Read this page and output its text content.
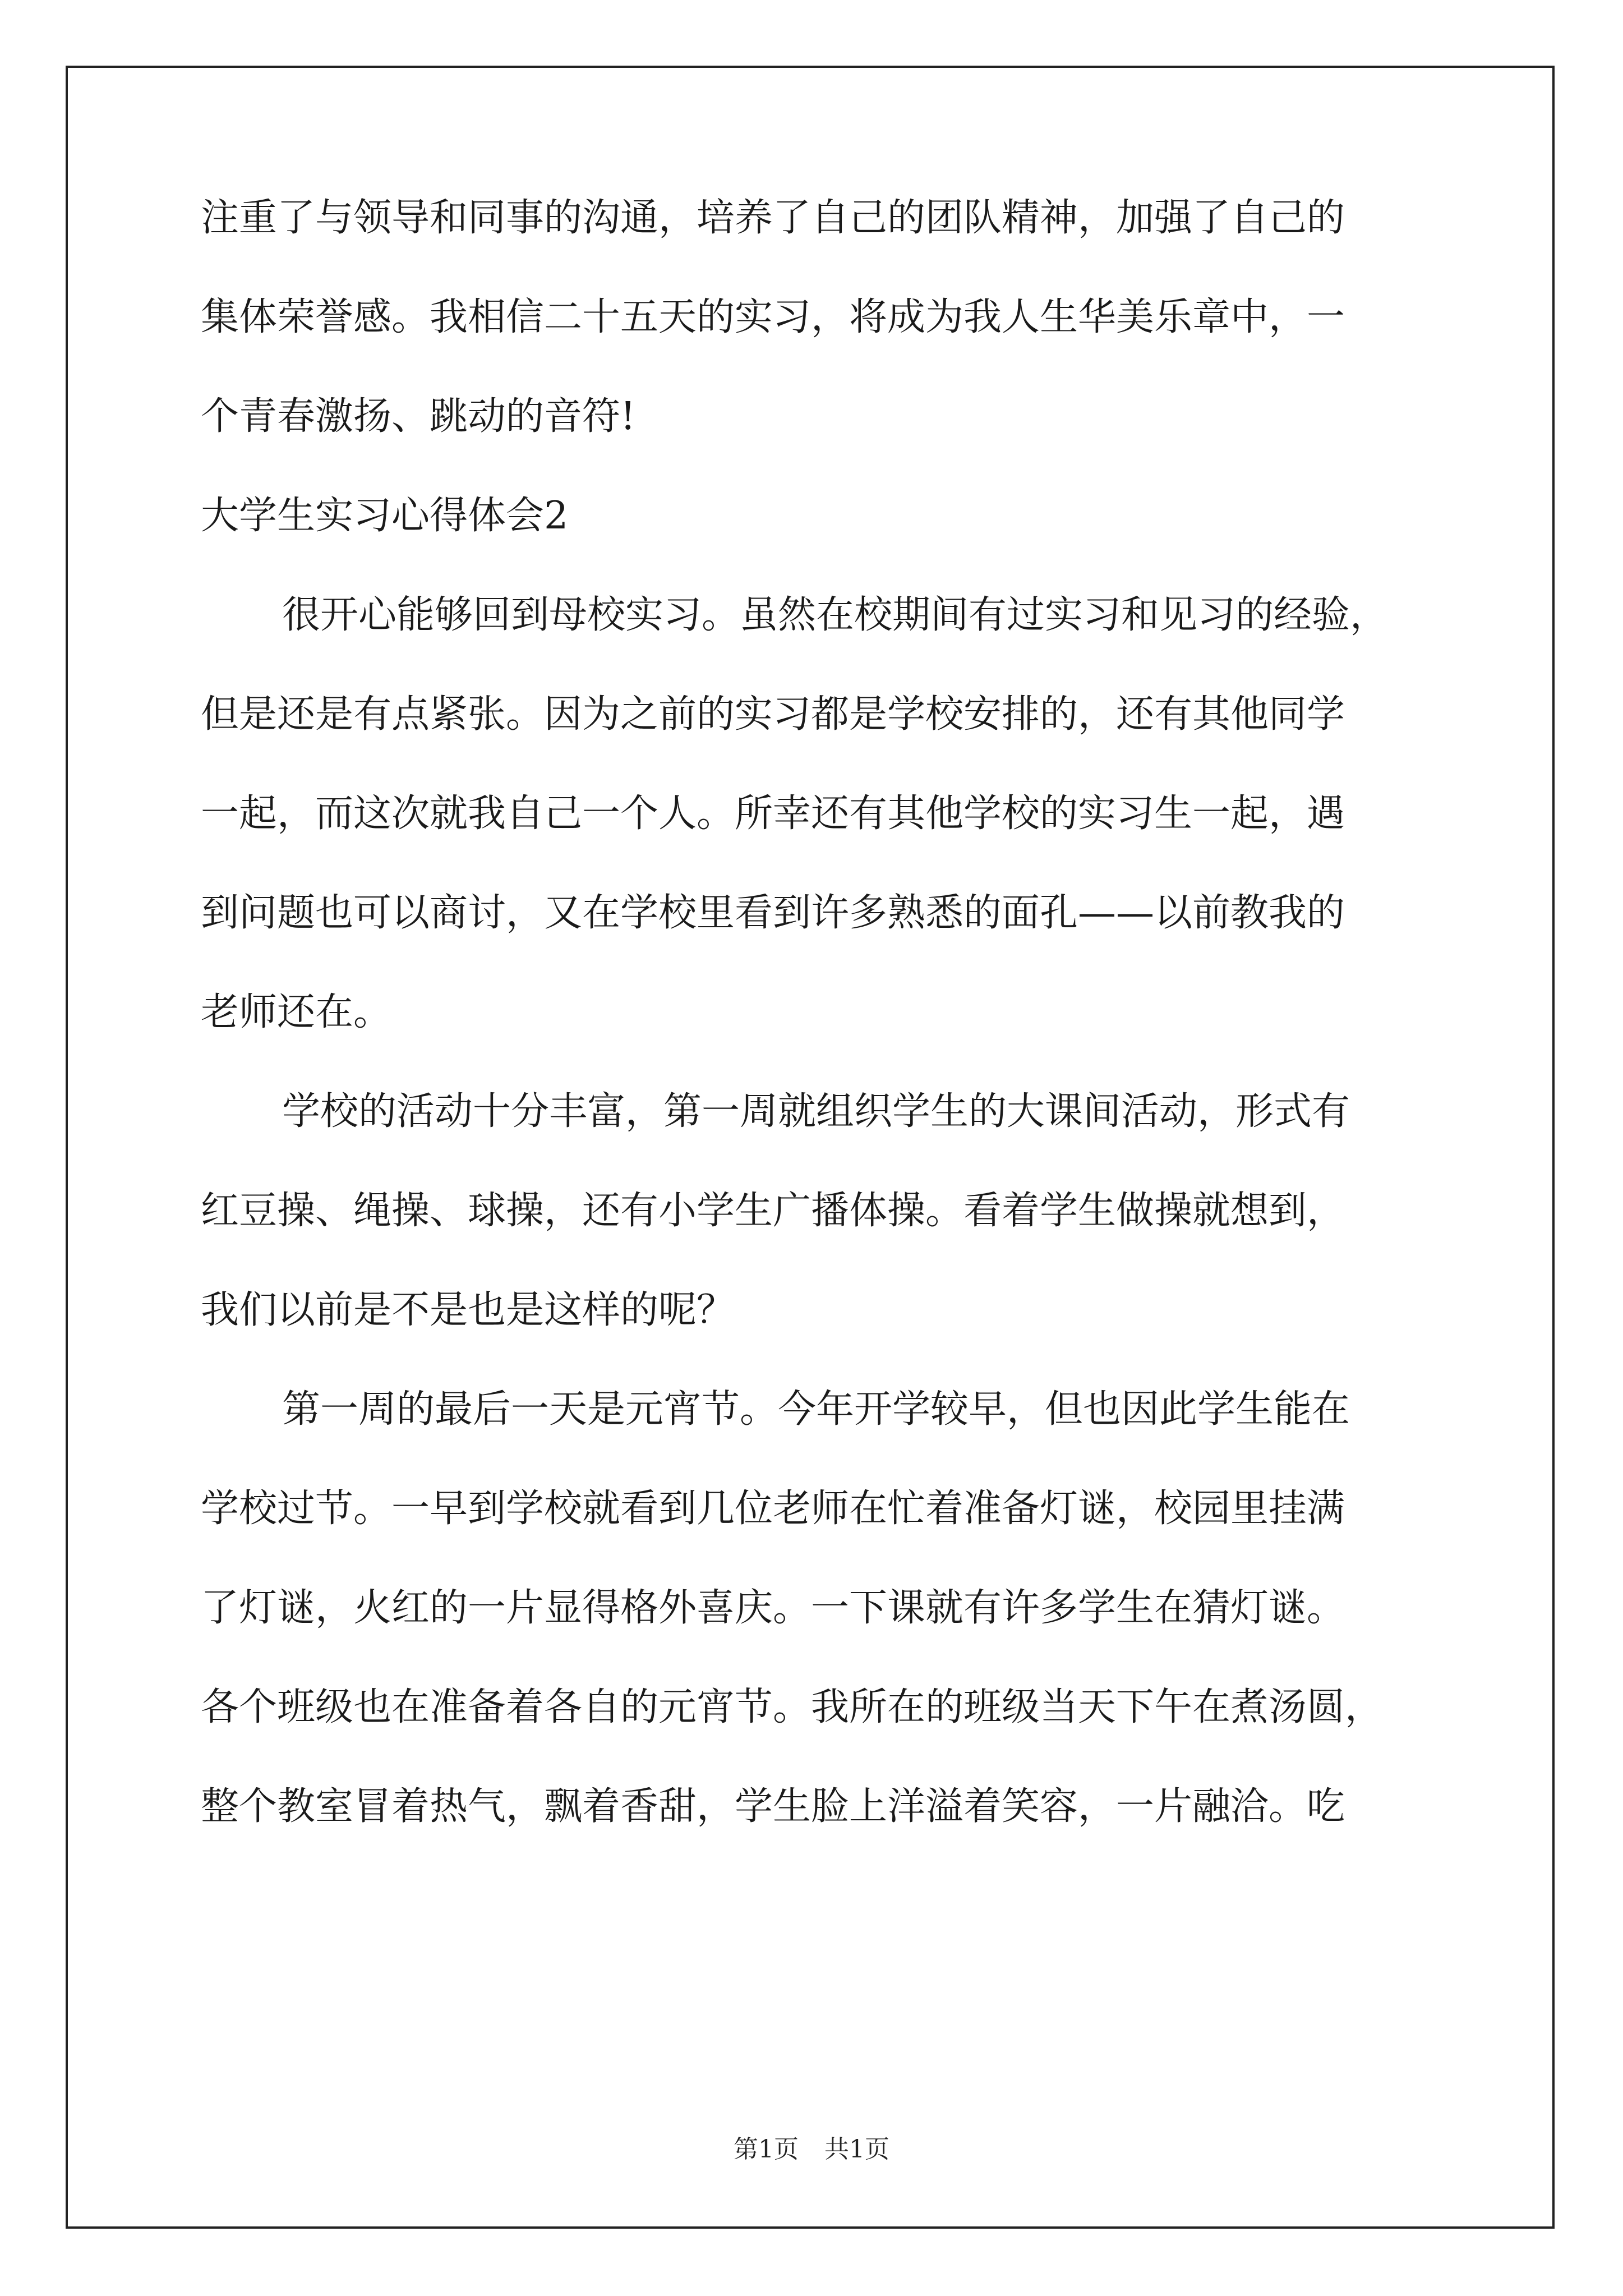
注重了与领导和同事的沟通，培养了自己的团队精神，加强了自己的
集体荣誉感。我相信二十五天的实习，将成为我人生华美乐章中，一
个青春激扬、跳动的音符!
大学生实习心得体会2
很开心能够回到母校实习。虽然在校期间有过实习和见习的经验，
但是还是有点紧张。因为之前的实习都是学校安排的，还有其他同学
一起，而这次就我自己一个人。所幸还有其他学校的实习生一起，遇
到问题也可以商讨，又在学校里看到许多熟悉的面孔——以前教我的
老师还在。
学校的活动十分丰富，第一周就组织学生的大课间活动，形式有
红豆操、绳操、球操，还有小学生广播体操。看着学生做操就想到，
我们以前是不是也是这样的呢？
第一周的最后一天是元宵节。今年开学较早，但也因此学生能在
学校过节。一早到学校就看到几位老师在忙着准备灯谜，校园里挂满
了灯谜，火红的一片显得格外喜庆。一下课就有许多学生在猜灯谜。
各个班级也在准备着各自的元宵节。我所在的班级当天下午在煮汤圆，
整个教室冒着热气，飘着香甜，学生脸上洋溢着笑容，一片融洽。吃
第1页 共1页
